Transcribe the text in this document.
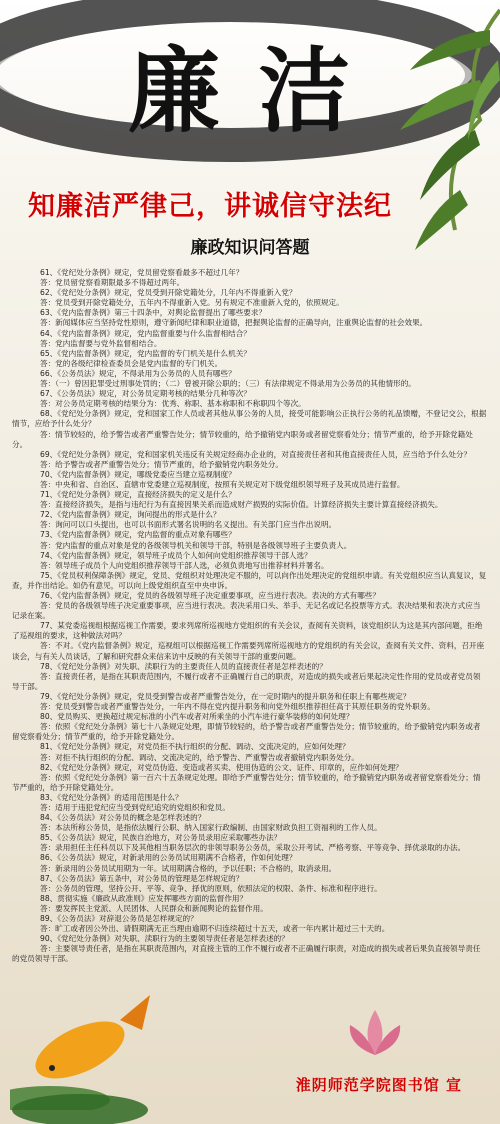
廉洁
知廉洁严律己，讲诚信守法纪
廉政知识问答题

61、《党纪处分条例》规定，党员留党察看最多不超过几年？

答：党员留党察看期限最多不得超过两年。

62、《党纪处分条例》规定，党员受到开除党籍处分，几年内不得重新入党？

答：党员受到开除党籍处分，五年内不得重新入党。另有规定不准重新入党的，依照规定。

63、《党内监督条例》第三十四条中，对舆论监督提出了哪些要求？

答：新闻媒体应当坚持党性原则，遵守新闻纪律和职业道德，把握舆论监督的正确导向，注重舆论监督的社会效果。

64、《党内监督条例》规定，党内监督重要与什么监督相结合？

答：党内监督要与党外监督相结合。

65、《党内监督条例》规定，党内监督的专门机关是什么机关？

答：党的各级纪律检查委员会是党内监督的专门机关。

66、《公务员法》规定，不得录用为公务员的人员有哪些？

答：（一）曾因犯罪受过刑事处罚的；（二）曾被开除公职的；（三）有法律规定不得录用为公务员的其他情形的。

67、《公务员法》规定，对公务员定期考核的结果分几种等次？

答：对公务员定期考核的结果分为：优秀、称职、基本称职和不称职四个等次。

68、《党纪处分条例》规定，党和国家工作人员或者其他从事公务的人员，接受可能影响公正执行公务的礼品馈赠，不登记交公，根据情节，应给予什么处分？

答：情节较轻的，给予警告或者严重警告处分；情节较重的，给予撤销党内职务或者留党察看处分；情节严重的，给予开除党籍处分。

69、《党纪处分条例》规定，党和国家机关违反有关规定经商办企业的，对直接责任者和其他直接责任人员，应当给予什么处分？

答：给予警告或者严重警告处分；情节严重的，给予撤销党内职务处分。

70、《党内监督条例》规定，哪级党委应当建立巡视制度？

答：中央和省、自治区、直辖市党委建立巡视制度，按照有关规定对下级党组织领导班子及其成员进行监督。

71、《党纪处分条例》规定，直接经济损失的定义是什么？

答：直接经济损失，是指与违纪行为有直接因果关系而造成财产损毁的实际价值。计算经济损失主要计算直接经济损失。

72、《党内监督条例》规定，询问提出的形式是什么？

答：询问可以口头提出，也可以书面形式署名说明的名义提出。有关部门应当作出说明。

73、《党内监督条例》规定，党内监督的重点对象有哪些？

答：党内监督的重点对象是党的各级领导机关和领导干部，特别是各级领导班子主要负责人。

74、《党内监督条例》规定，领导班子成员个人如何向党组织推荐领导干部人选？

答：领导班子成员个人向党组织推荐领导干部人选，必须负责地写出推荐材料并署名。

75、《党员权利保障条例》规定，党员、党组织对处理决定不服的，可以向作出处理决定的党组织申请。有关党组织应当认真复议，复查，并作出结论。如仍有意见，可以向上级党组织直至中央申诉。

76、《党内监督条例》规定，党员的各级领导班子决定重要事项，应当进行表决。表决的方式有哪些？

答：党员的各级领导班子决定重要事项，应当进行表决。表决采用口头、举手、无记名或记名投票等方式。表决结果和表决方式应当记录在案。

77、某党委巡视组根据巡视工作需要，要求列席所巡视地方党组织的有关会议，查阅有关资料，该党组织认为这是其内部问题，拒绝了巡视组的要求，这种做法对吗？

答：不对。《党内监督条例》规定，巡视组可以根据巡视工作需要列席所巡视地方的党组织的有关会议，查阅有关文件、资料，召开座谈会，与有关人员谈话，了解和研究群众来信来访中反映的有关领导干部的重要问题。

78、《党纪处分条例》对失职、渎职行为的主要责任人员的直接责任者是怎样表述的？

答：直接责任者，是指在其职责范围内，不履行或者不正确履行自己的职责，对造成的损失或者后果起决定性作用的党员或者党员领导干部。

79、《党纪处分条例》规定，党员受到警告或者严重警告处分，在一定时期内的提升职务和任职上有哪些规定？

答：党员受到警告或者严重警告处分，一年内不得在党内提升职务和向党外组织推荐担任高于其原任职务的党外职务。

80、党员购买、更换超过规定标准的小汽车或者对所乘坐的小汽车进行豪华装修的如何处理？

答：依照《党纪处分条例》第七十八条规定处理，即情节较轻的，给予警告或者严重警告处分；情节较重的，给予撤销党内职务或者留党察看处分；情节严重的，给予开除党籍处分。

81、《党纪处分条例》规定，对党员拒不执行组织的分配、调动、交流决定的，应如何处理？

答：对拒不执行组织的分配、调动、交流决定的，给予警告、严重警告或者撤销党内职务处分。

82、《党纪处分条例》规定，对党员伪造、变造或者买卖、使用伪造的公文、证件、印章的，应作如何处理？

答：依照《党纪处分条例》第一百六十五条规定处理。即给予严重警告处分；情节较重的，给予撤销党内职务或者留党察看处分；情节严重的，给予开除党籍处分。

83、《党纪处分条例》的适用范围是什么？

答：适用于违犯党纪应当受到党纪追究的党组织和党员。

84、《公务员法》对公务员的概念是怎样表述的？

答：本法所称公务员，是指依法履行公职、纳入国家行政编制、由国家财政负担工资福利的工作人员。

85、《公务员法》规定，民族自治地方，对公务员录用应采取哪些办法？

答：录用担任主任科员以下及其他相当职务层次的非领导职务公务员，采取公开考试、严格考察、平等竞争、择优录取的办法。

86、《公务员法》规定，对新录用的公务员试用期满不合格者，作如何处理？

答：新录用的公务员试用期为一年。试用期满合格的，予以任职；不合格的，取消录用。

87、《公务员法》第五条中，对公务员的管理是怎样规定的？

答：公务员的管理，坚持公开、平等、竞争、择优的原则，依照法定的权限、条件、标准和程序进行。

88、贯彻实施《廉政从政准则》应发挥哪些方面的监督作用？

答：要发挥民主党派、人民团体、人民群众和新闻舆论的监督作用。

89、《公务员法》对辞退公务员是怎样规定的？

答：旷工或者因公外出、请假期满无正当理由逾期不归连续超过十五天，或者一年内累计超过三十天的。

90、《党纪处分条例》对失职、渎职行为的主要领导责任者是怎样表述的？

答：主要领导责任者，是指在其职责范围内，对直接主管的工作不履行或者不正确履行职责，对造成的损失或者后果负直接领导责任的党员领导干部。

淮阴师范学院图书馆 宣
